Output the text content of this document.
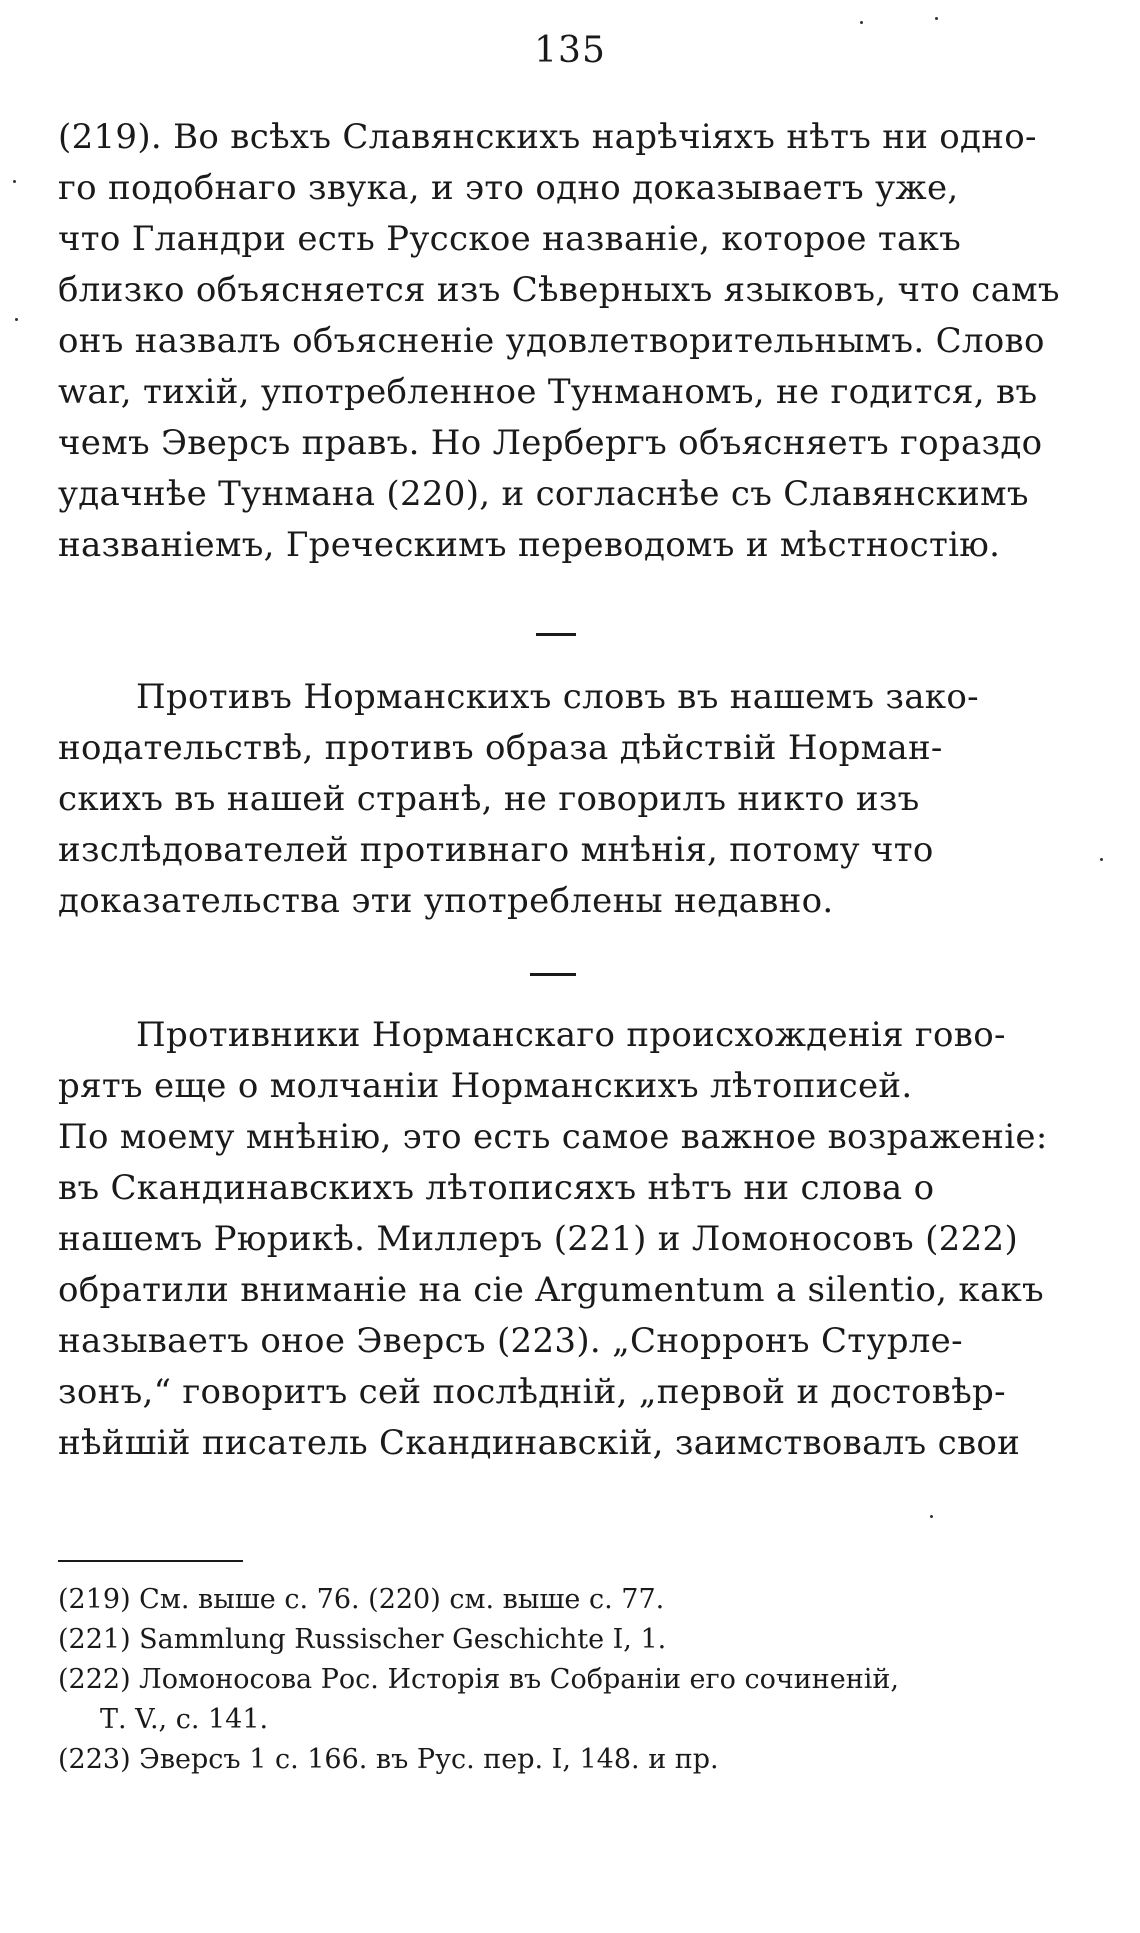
135
(219). Во всѣхъ Славянскихъ нарѣчіяхъ нѣтъ ни одно-
го подобнаго звука, и это одно доказываетъ уже,
что Гландри есть Русское названіе, которое такъ
близко объясняется изъ Сѣверныхъ языковъ, что самъ
онъ назвалъ объясненіе удовлетворительнымъ. Слово
war, тихій, употребленное Тунманомъ, не годится, въ
чемъ Эверсъ правъ. Но Лербергъ объясняетъ гораздо
удачнѣе Тунмана (220), и согласнѣе съ Славянскимъ
названіемъ, Греческимъ переводомъ и мѣстностію.
Противъ Норманскихъ словъ въ нашемъ зако-
нодательствѣ, противъ образа дѣйствій Норман-
скихъ въ нашей странѣ, не говорилъ никто изъ
изслѣдователей противнаго мнѣнія, потому что
доказательства эти употреблены недавно.
Противники Норманскаго происхожденія гово-
рятъ еще о молчаніи Норманскихъ лѣтописей.
По моему мнѣнію, это есть самое важное возраженіе:
въ Скандинавскихъ лѣтописяхъ нѣтъ ни слова о
нашемъ Рюрикѣ. Миллеръ (221) и Ломоносовъ (222)
обратили вниманіе на сіе Argumentum a silentio, какъ
называетъ оное Эверсъ (223). „Снорронъ Стурле-
зонъ,“ говоритъ сей послѣдній, „первой и достовѣр-
нѣйшій писатель Скандинавскій, заимствовалъ свои
(219) См. выше с. 76. (220) см. выше с. 77.
(221) Sammlung Russischer Geschichte I, 1.
(222) Ломоносова Рос. Исторія въ Собраніи его сочиненій,
Т. V., с. 141.
(223) Эверсъ 1 с. 166. въ Рус. пер. I, 148. и пр.
